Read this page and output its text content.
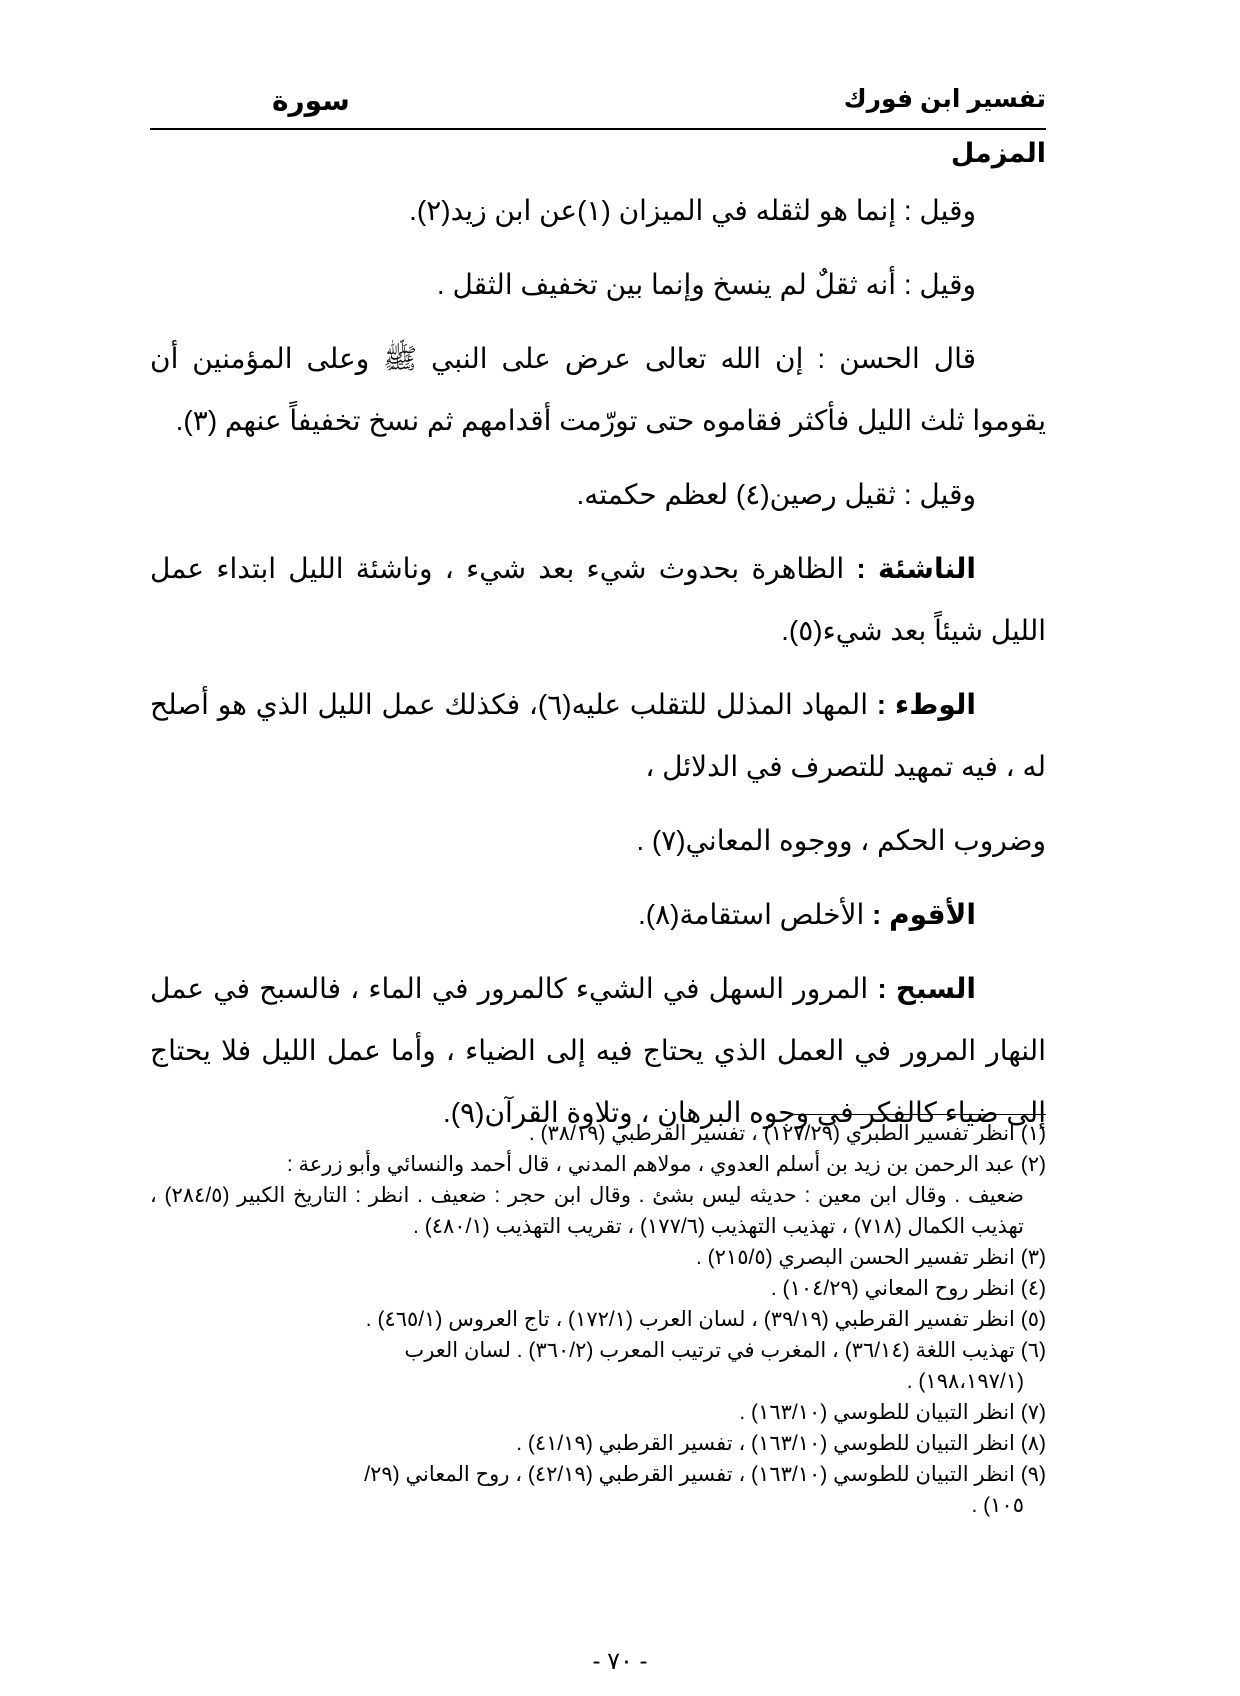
تفسير ابن فورك
سورة
المزمل

وقيل : إنما هو لثقله في الميزان (١)عن ابن زيد(٢).

وقيل : أنه ثقلٌ لم ينسخ وإنما بين تخفيف الثقل .

قال الحسن : إن الله تعالى عرض على النبي ﷺ وعلى المؤمنين أن يقوموا ثلث الليل فأكثر فقاموه حتى تورّمت أقدامهم ثم نسخ تخفيفاً عنهم (٣).

وقيل : ثقيل رصين(٤) لعظم حكمته.

الناشئة : الظاهرة بحدوث شيء بعد شيء ، وناشئة الليل ابتداء عمل الليل شيئاً بعد شيء(٥).

الوطء : المهاد المذلل للتقلب عليه(٦)، فكذلك عمل الليل الذي هو أصلح له ، فيه تمهيد للتصرف في الدلائل ،

وضروب الحكم ، ووجوه المعاني(٧) .

الأقوم : الأخلص استقامة(٨).

السبح : المرور السهل في الشيء كالمرور في الماء ، فالسبح في عمل النهار المرور في العمل الذي يحتاج فيه إلى الضياء ، وأما عمل الليل فلا يحتاج إلى ضياء كالفكر في وجوه البرهان ، وتلاوة القرآن(٩).

(١) انظر تفسير الطبري (١٢٧/٢٩) ، تفسير القرطبي (٣٨/١٩) .

(٢) عبد الرحمن بن زيد بن أسلم العدوي ، مولاهم المدني ، قال أحمد والنسائي وأبو زرعة :
ضعيف . وقال ابن معين : حديثه ليس بشئ . وقال ابن حجر : ضعيف . انظر : التاريخ الكبير (٢٨٤/٥) ، تهذيب الكمال (٧١٨) ، تهذيب التهذيب (١٧٧/٦) ، تقريب التهذيب (٤٨٠/١) .

(٣) انظر تفسير الحسن البصري (٢١٥/٥) .

(٤) انظر روح المعاني (١٠٤/٢٩) .

(٥) انظر تفسير القرطبي (٣٩/١٩) ، لسان العرب (١٧٢/١) ، تاج العروس (٤٦٥/١) .

(٦) تهذيب اللغة (٣٦/١٤) ، المغرب في ترتيب المعرب (٣٦٠/٢) . لسان العرب
(١٩٨،١٩٧/١) .

(٧) انظر التبيان للطوسي (١٦٣/١٠) .

(٨) انظر التبيان للطوسي (١٦٣/١٠) ، تفسير القرطبي (٤١/١٩) .

(٩) انظر التبيان للطوسي (١٦٣/١٠) ، تفسير القرطبي (٤٢/١٩) ، روح المعاني (٢٩/
١٠٥) .

- ٧٠ -
